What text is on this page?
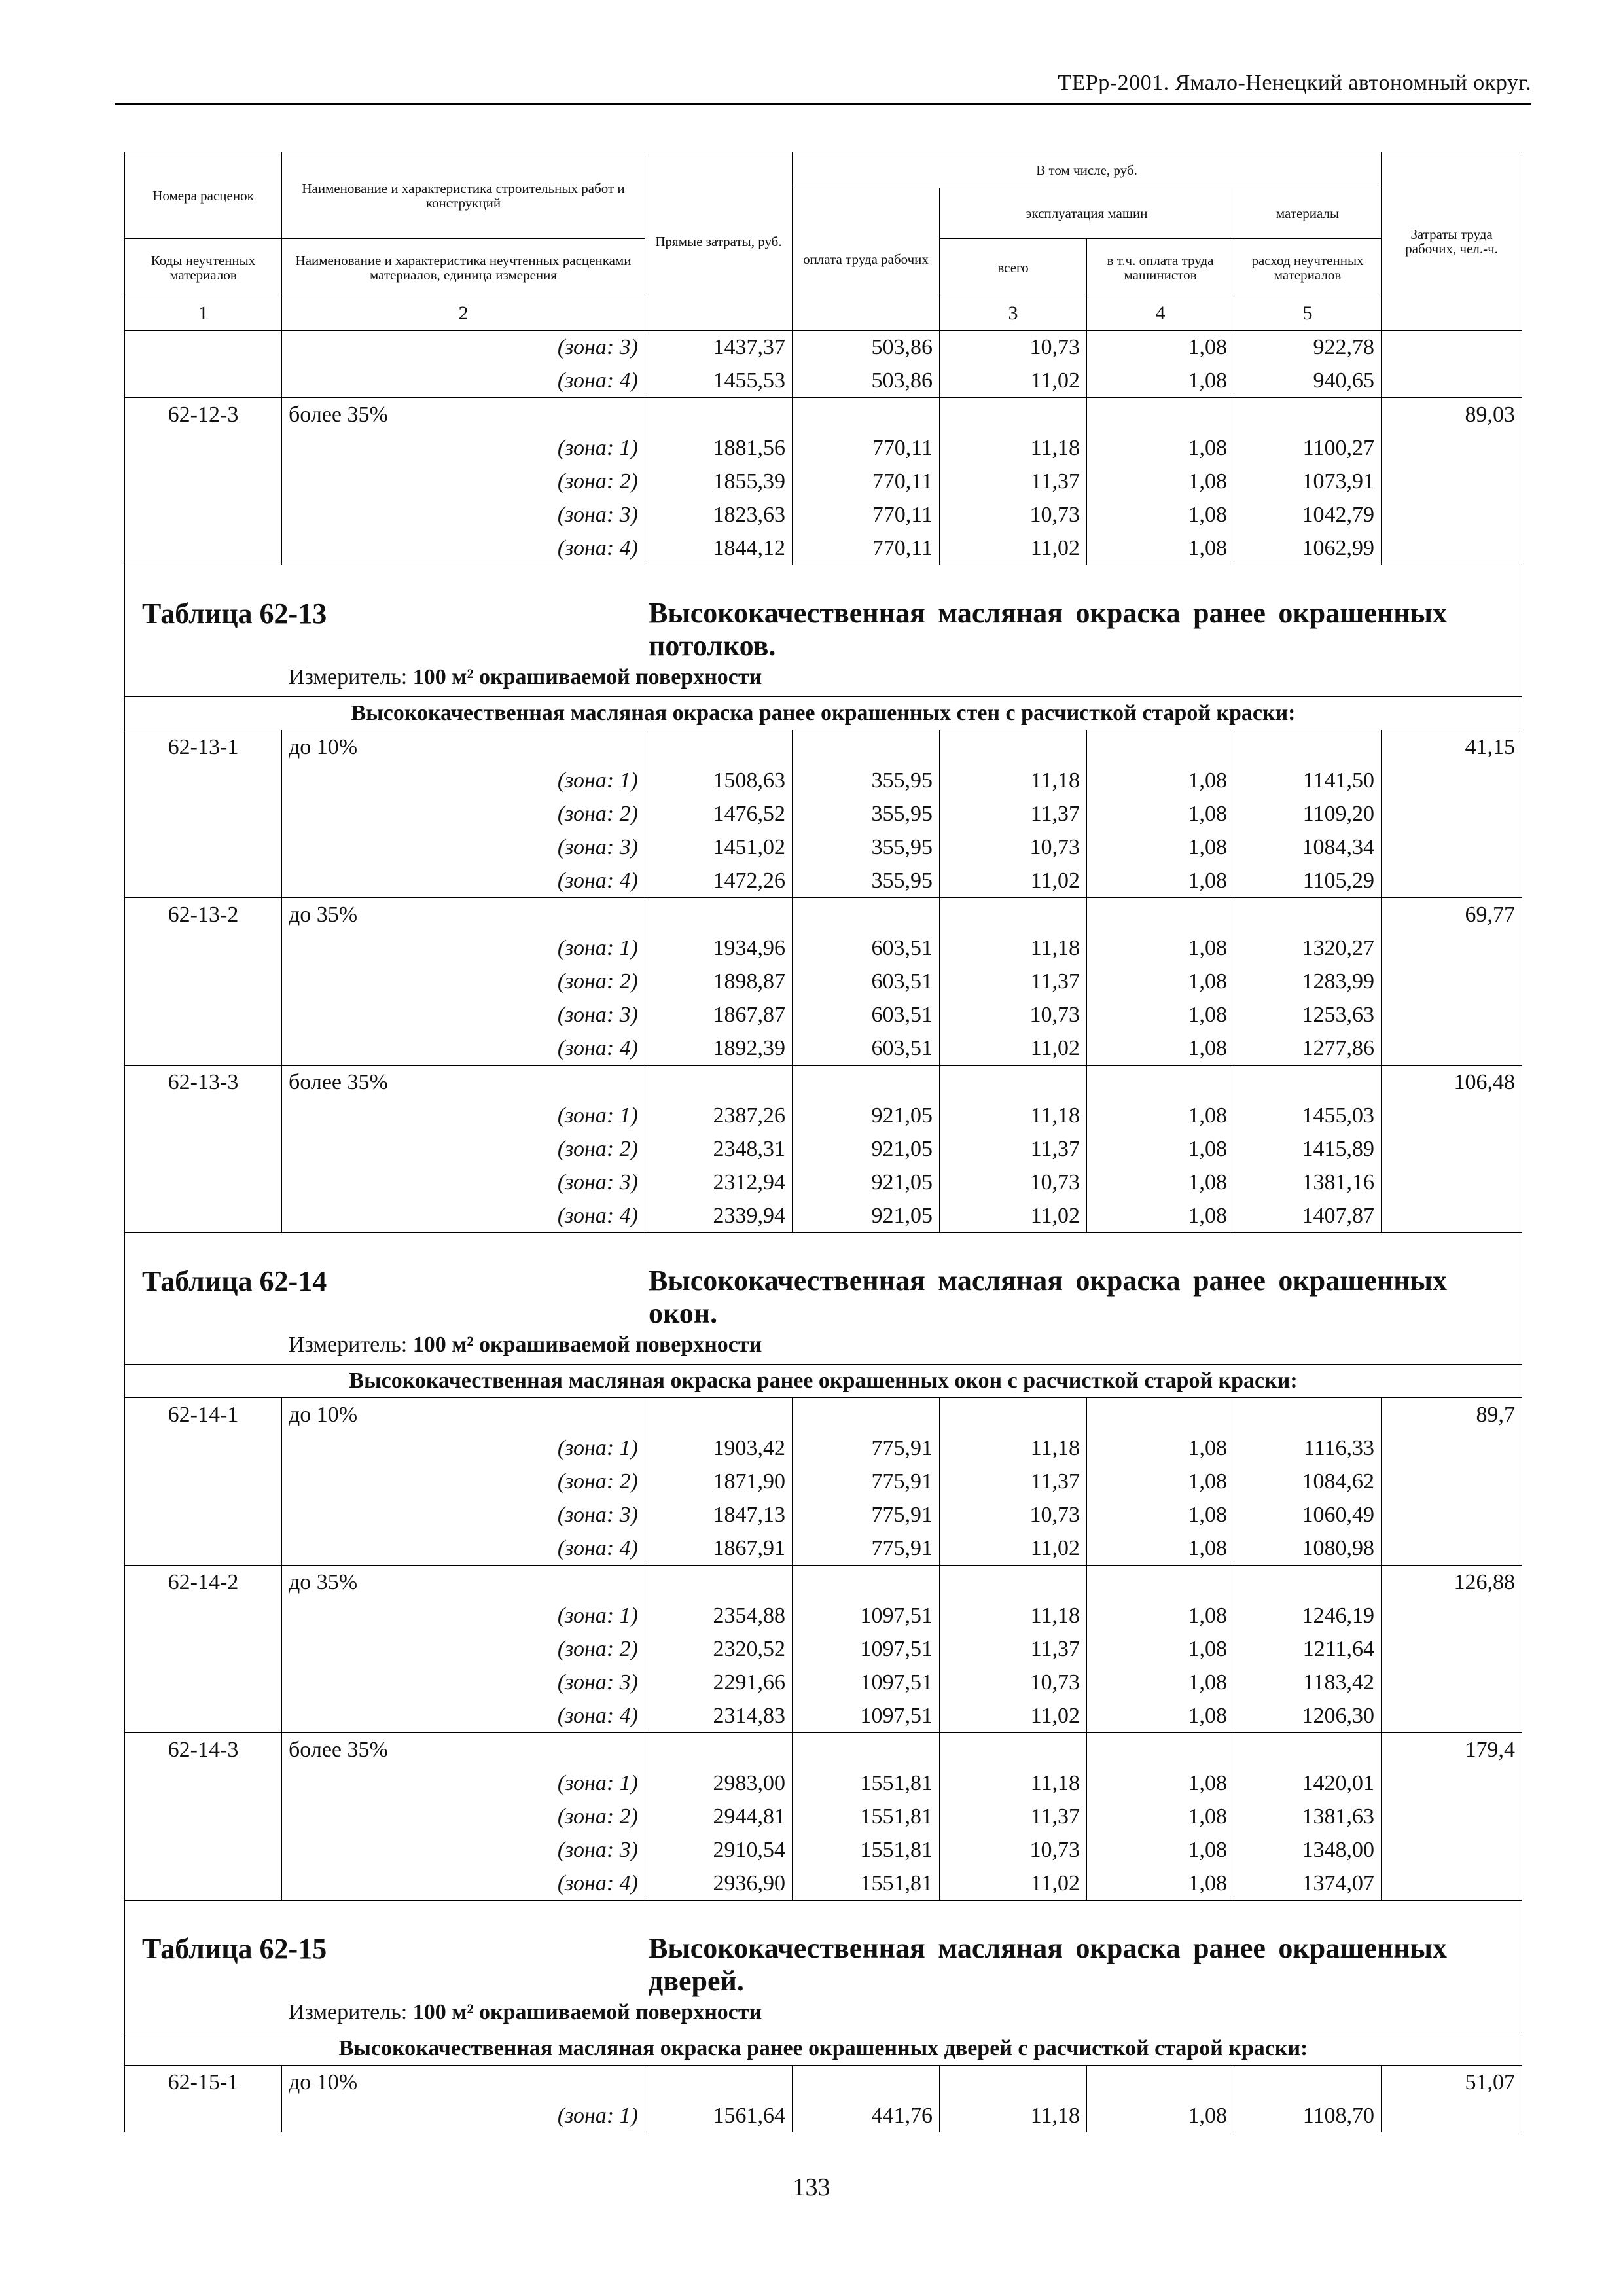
ТЕРр-2001. Ямало-Ненецкий автономный округ.
Номера расценок	Наименование и характеристика строительных работ и конструкций	Прямые затраты, руб.	В том числе, руб.				Затраты труда рабочих, чел.-ч.	
			оплата труда рабочих	эксплуатация машин		материалы		
Коды неучтенных материалов	Наименование и характеристика неучтенных расценками материалов, единица измерения			всего	в т.ч. оплата труда машинистов	расход неучтенных материалов		
1	2			3	4	5			
	(зона: 3)	1437,37	503,86	10,73	1,08	922,78		
	(зона: 4)	1455,53	503,86	11,02	1,08	940,65		
62-12-3	более 35%						89,03	
	(зона: 1)	1881,56	770,11	11,18	1,08	1100,27		
	(зона: 2)	1855,39	770,11	11,37	1,08	1073,91		
	(зона: 3)	1823,63	770,11	10,73	1,08	1042,79		
	(зона: 4)	1844,12	770,11	11,02	1,08	1062,99		

Таблица 62-13 Высококачественная масляная окраска ранее окрашенных потолков.
Измеритель: 100 м² окрашиваемой поверхности								

Высококачественная масляная окраска ранее окрашенных стен с расчисткой старой краски:								
62-13-1	до 10%						41,15	
	(зона: 1)	1508,63	355,95	11,18	1,08	1141,50		
	(зона: 2)	1476,52	355,95	11,37	1,08	1109,20		
	(зона: 3)	1451,02	355,95	10,73	1,08	1084,34		
	(зона: 4)	1472,26	355,95	11,02	1,08	1105,29		
62-13-2	до 35%						69,77	
	(зона: 1)	1934,96	603,51	11,18	1,08	1320,27		
	(зона: 2)	1898,87	603,51	11,37	1,08	1283,99		
	(зона: 3)	1867,87	603,51	10,73	1,08	1253,63		
	(зона: 4)	1892,39	603,51	11,02	1,08	1277,86		
62-13-3	более 35%						106,48	
	(зона: 1)	2387,26	921,05	11,18	1,08	1455,03		
	(зона: 2)	2348,31	921,05	11,37	1,08	1415,89		
	(зона: 3)	2312,94	921,05	10,73	1,08	1381,16		
	(зона: 4)	2339,94	921,05	11,02	1,08	1407,87		

Таблица 62-14 Высококачественная масляная окраска ранее окрашенных окон.
Измеритель: 100 м² окрашиваемой поверхности								

Высококачественная масляная окраска ранее окрашенных окон с расчисткой старой краски:								
62-14-1	до 10%						89,7	
	(зона: 1)	1903,42	775,91	11,18	1,08	1116,33		
	(зона: 2)	1871,90	775,91	11,37	1,08	1084,62		
	(зона: 3)	1847,13	775,91	10,73	1,08	1060,49		
	(зона: 4)	1867,91	775,91	11,02	1,08	1080,98		
62-14-2	до 35%						126,88	
	(зона: 1)	2354,88	1097,51	11,18	1,08	1246,19		
	(зона: 2)	2320,52	1097,51	11,37	1,08	1211,64		
	(зона: 3)	2291,66	1097,51	10,73	1,08	1183,42		
	(зона: 4)	2314,83	1097,51	11,02	1,08	1206,30		
62-14-3	более 35%						179,4	
	(зона: 1)	2983,00	1551,81	11,18	1,08	1420,01		
	(зона: 2)	2944,81	1551,81	11,37	1,08	1381,63		
	(зона: 3)	2910,54	1551,81	10,73	1,08	1348,00		
	(зона: 4)	2936,90	1551,81	11,02	1,08	1374,07		

Таблица 62-15 Высококачественная масляная окраска ранее окрашенных дверей.
Измеритель: 100 м² окрашиваемой поверхности								

Высококачественная масляная окраска ранее окрашенных дверей с расчисткой старой краски:								
62-15-1	до 10%						51,07	
	(зона: 1)	1561,64	441,76	11,18	1,08	1108,70		
133
